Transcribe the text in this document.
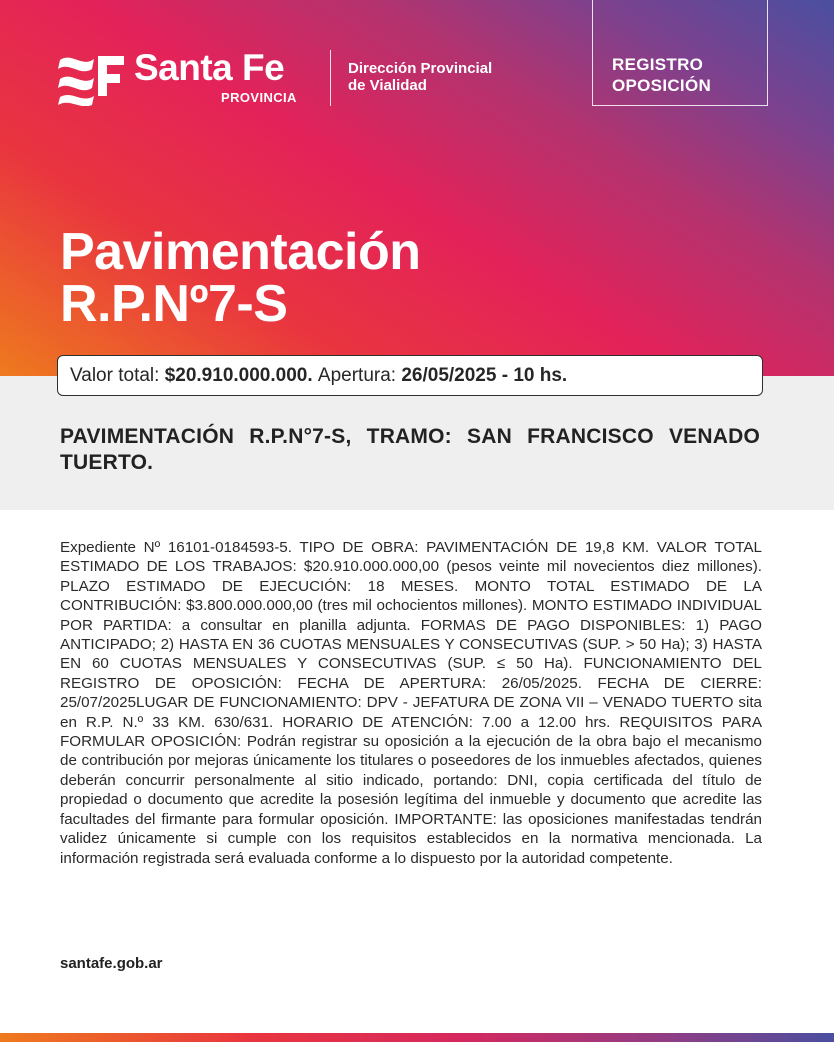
Santa Fe
PROVINCIA
Dirección Provincial
de Vialidad
REGISTRO
OPOSICIÓN
Pavimentación
R.P.Nº7-S
Valor total:
$20.910.000.000.
Apertura:
26/05/2025 - 10 hs.
PAVIMENTACIÓN R.P.N°7-S, TRAMO: SAN FRANCISCO VENADO TUERTO.

Expediente Nº 16101-0184593-5. TIPO DE OBRA: PAVIMENTACIÓN DE 19,8 KM. VALOR TOTAL ESTIMADO DE LOS TRABAJOS: $20.910.000.000,00 (pesos veinte mil novecientos diez millones). PLAZO ESTIMADO DE EJECUCIÓN: 18 MESES. MONTO TOTAL ESTIMADO DE LA CONTRIBUCIÓN: $3.800.000.000,00 (tres mil ochocientos millones). MONTO ESTIMADO INDIVIDUAL POR PARTIDA: a consultar en planilla adjunta. FORMAS DE PAGO DISPONIBLES: 1) PAGO ANTICIPADO; 2) HASTA EN 36 CUOTAS MENSUALES Y CONSECUTIVAS (SUP. > 50 Ha); 3) HASTA EN 60 CUOTAS MENSUALES Y CONSECUTIVAS (SUP. ≤ 50 Ha). FUNCIONAMIENTO DEL REGISTRO DE OPOSICIÓN: FECHA DE APERTURA: 26/05/2025. FECHA DE CIERRE: 25/07/2025LUGAR DE FUNCIONAMIENTO: DPV - JEFATURA DE ZONA VII – VENADO TUERTO sita en R.P. N.º 33 KM. 630/631. HORARIO DE ATENCIÓN: 7.00 a 12.00 hrs. REQUISITOS PARA FORMULAR OPOSICIÓN: Podrán registrar su oposición a la ejecución de la obra bajo el mecanismo de contribución por mejoras únicamente los titulares o poseedores de los inmuebles afectados, quienes deberán concurrir personalmente al sitio indicado, portando: DNI, copia certificada del título de propiedad o documento que acredite la posesión legítima del inmueble y documento que acredite las facultades del firmante para formular oposición. IMPORTANTE: las oposiciones manifestadas tendrán validez únicamente si cumple con los requisitos establecidos en la normativa mencionada. La información registrada será evaluada conforme a lo dispuesto por la autoridad competente.

santafe.gob.ar
